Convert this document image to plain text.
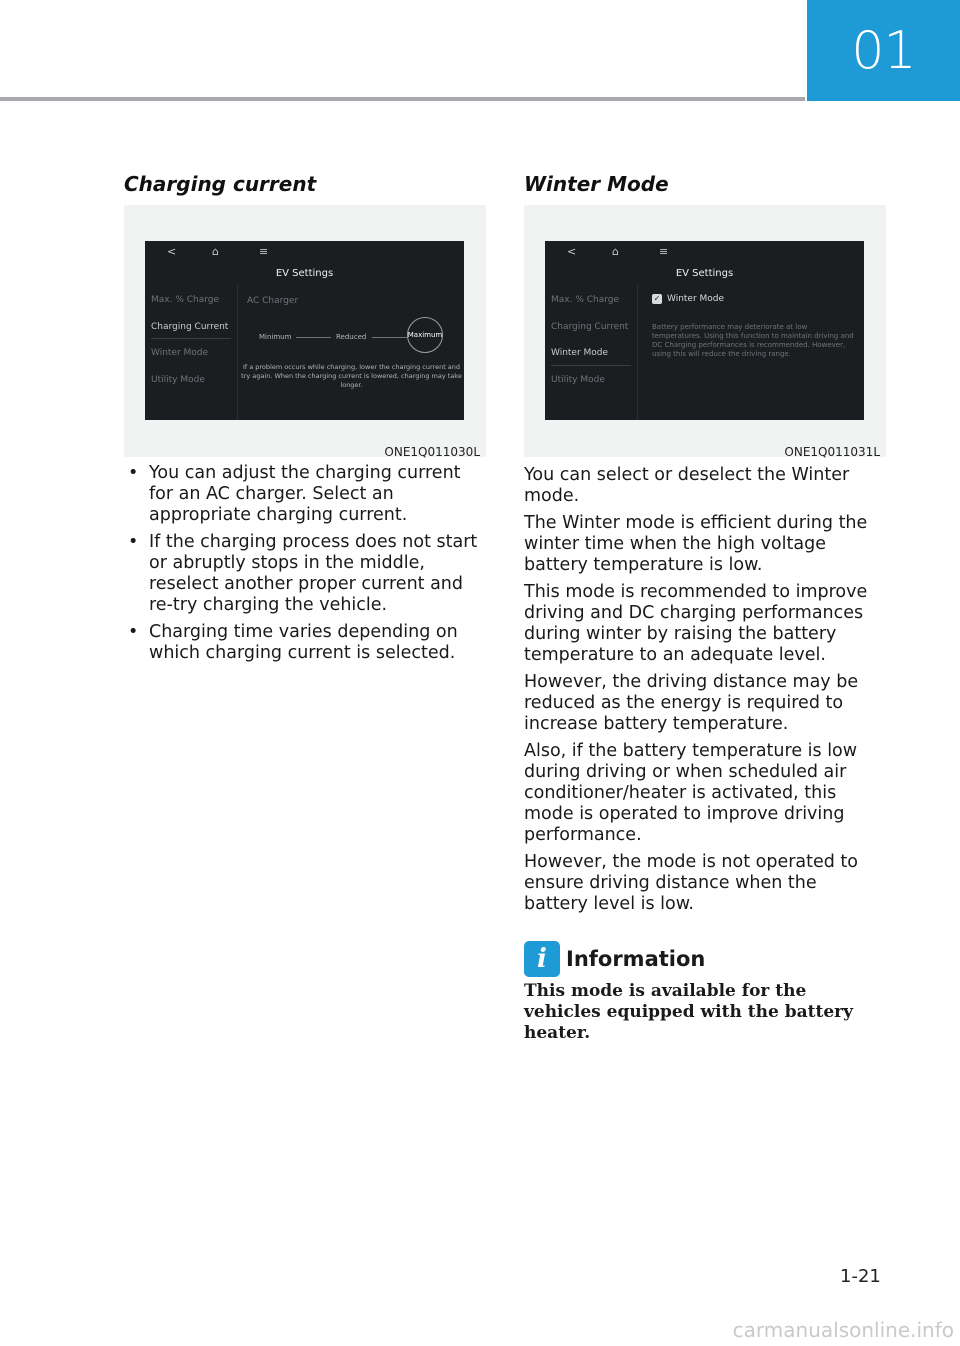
01
Charging current
<	⌂	≡
EV Settings
Max. % Charge
Charging Current
Winter Mode
Utility Mode
AC Charger
Minimum	Reduced	Maximum
If a problem occurs while charging, lower the charging current and try again. When the charging current is lowered, charging may take longer.
ONE1Q011030L
• You can adjust the charging current for an AC charger. Select an appropriate charging current.
• If the charging process does not start or abruptly stops in the middle, reselect another proper current and re-try charging the vehicle.
• Charging time varies depending on which charging current is selected.
Winter Mode
<	⌂	≡
EV Settings
Max. % Charge
Charging Current
Winter Mode
Utility Mode
✓ Winter Mode
Battery performance may deteriorate at low temperatures. Using this function to maintain driving and DC Charging performances is recommended. However, using this will reduce the driving range.
ONE1Q011031L

You can select or deselect the Winter mode.

The Winter mode is efficient during the winter time when the high voltage battery temperature is low.

This mode is recommended to improve driving and DC charging performances during winter by raising the battery temperature to an adequate level.

However, the driving distance may be reduced as the energy is required to increase battery temperature.

Also, if the battery temperature is low during driving or when scheduled air conditioner/heater is activated, this mode is operated to improve driving performance.

However, the mode is not operated to ensure driving distance when the battery level is low.

i Information
This mode is available for the vehicles equipped with the battery heater.
1-21
carmanualsonline.info
